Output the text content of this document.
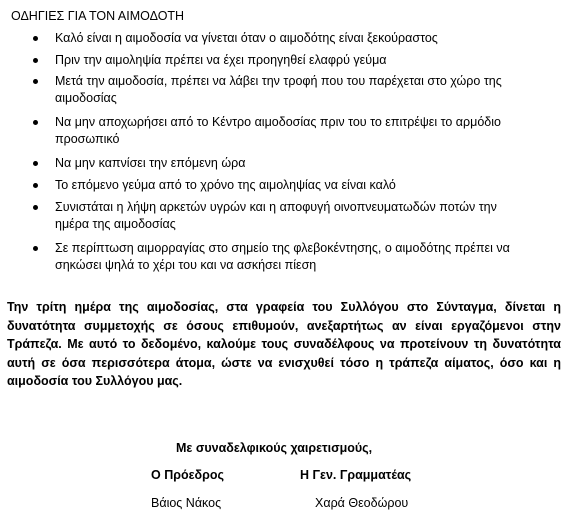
ΟΔΗΓΙΕΣ ΓΙΑ ΤΟΝ ΑΙΜΟΔΟΤΗ
Καλό είναι η αιμοδοσία να γίνεται όταν ο αιμοδότης είναι ξεκούραστος
Πριν την αιμοληψία πρέπει να έχει προηγηθεί ελαφρύ γεύμα
Μετά την αιμοδοσία, πρέπει να λάβει την τροφή που του παρέχεται στο χώρο της
αιμοδοσίας
Να μην αποχωρήσει από το Κέντρο αιμοδοσίας πριν του το επιτρέψει το αρμόδιο
προσωπικό
Να μην καπνίσει την επόμενη ώρα
Το επόμενο γεύμα από το χρόνο της αιμοληψίας να είναι καλό
Συνιστάται η λήψη αρκετών υγρών και η αποφυγή οινοπνευματωδών ποτών την
ημέρα της αιμοδοσίας
Σε περίπτωση αιμορραγίας στο σημείο της φλεβοκέντησης, ο αιμοδότης πρέπει να
σηκώσει ψηλά το χέρι του και να ασκήσει πίεση

Την τρίτη ημέρα της αιμοδοσίας, στα γραφεία του Συλλόγου στο Σύνταγμα, δίνεται η δυνατότητα συμμετοχής σε όσους επιθυμούν, ανεξαρτήτως αν είναι εργαζόμενοι στην Τράπεζα. Με αυτό το δεδομένο, καλούμε τους συναδέλφους να προτείνουν τη δυνατότητα αυτή σε όσα περισσότερα άτομα, ώστε να ενισχυθεί τόσο η τράπεζα αίματος, όσο και η αιμοδοσία του Συλλόγου μας.

Με συναδελφικούς χαιρετισμούς,
Ο Πρόεδρος	Η Γεν. Γραμματέας
Βάιος Νάκος	Χαρά Θεοδώρου
